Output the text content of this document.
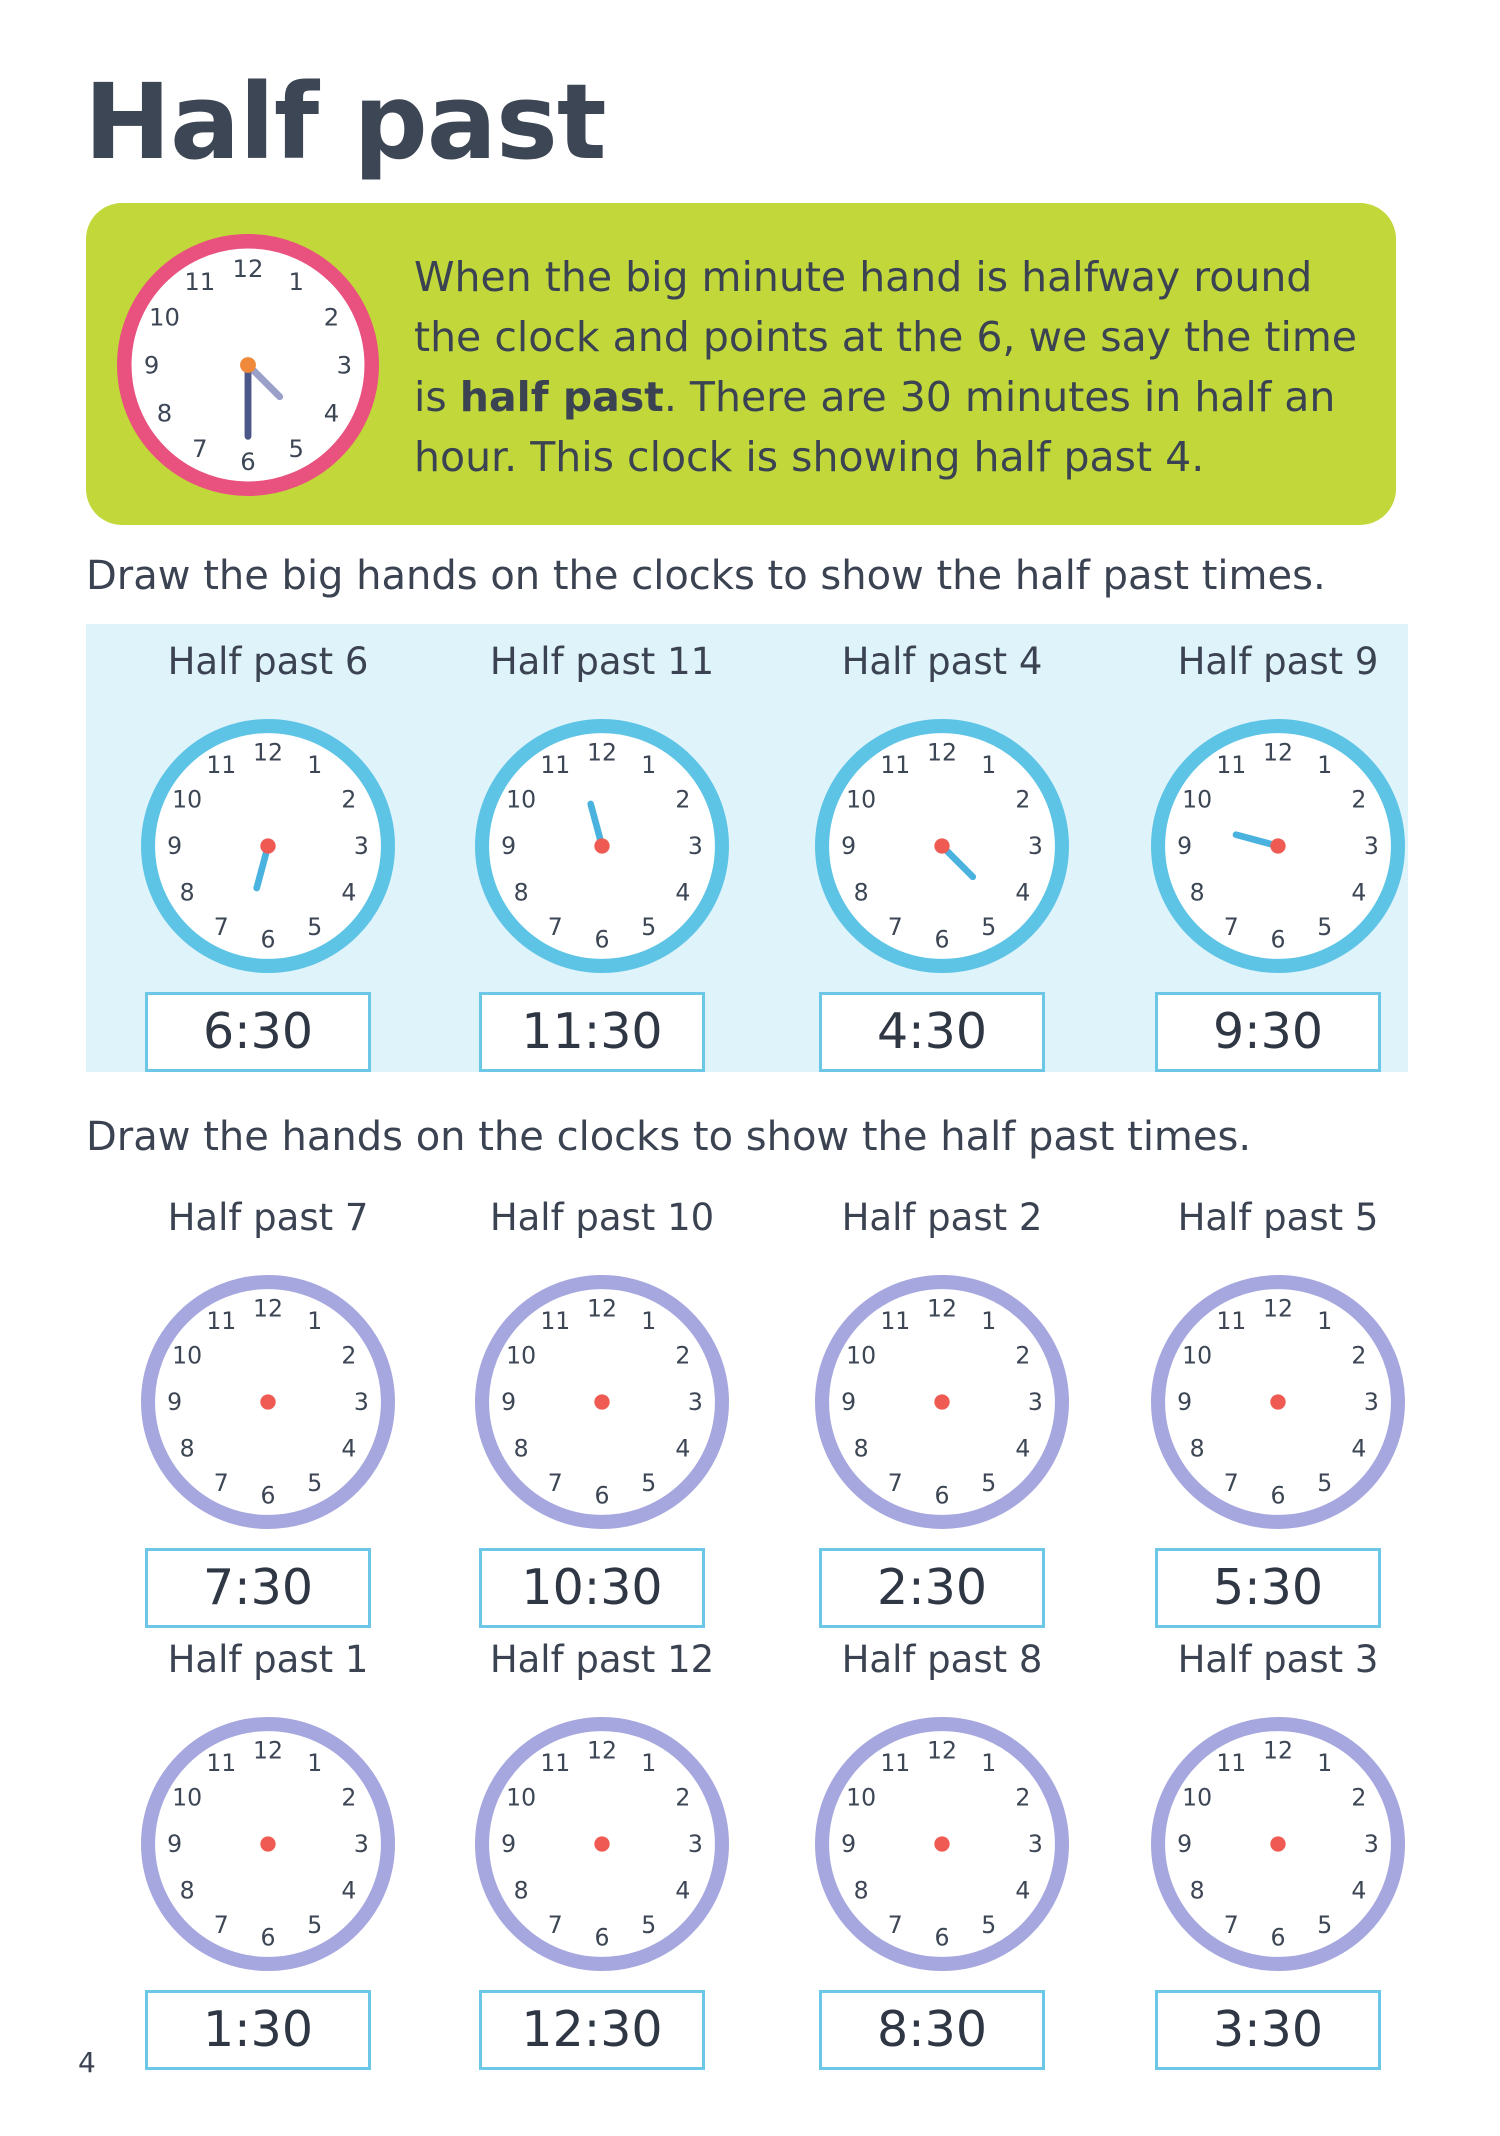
Half past
1
2
3
4
5
6
7
8
9
10
11 12	When the big minute hand is halfway round the clock and points at the 6, we say the time is half past. There are 30 minutes in half an hour. This clock is showing half past 4.
Draw the big hands on the clocks to show the half past times.
Half past 6
1
2
3
4
5
6
7
8
9
10
11 12
6:30
Half past 11
1
2
3
4
5
6
7
8
9
10
11 12
11:30
Half past 4
1
2
3
4
5
6
7
8
9
10
11 12
4:30
Half past 9
1
2
3
4
5
6
7
8
9
10
11 12
9:30
Draw the hands on the clocks to show the half past times.
Half past 7
1
2
3
4
5
6
7
8
9
10
11 12
7:30
Half past 10
1
2
3
4
5
6
7
8
9
10
11 12
10:30
Half past 2
1
2
3
4
5
6
7
8
9
10
11 12
2:30
Half past 5
1
2
3
4
5
6
7
8
9
10
11 12
5:30
Half past 1
1
2
3
4
5
6
7
8
9
10
11 12
1:30
Half past 12
1
2
3
4
5
6
7
8
9
10
11 12
12:30
Half past 8
1
2
3
4
5
6
7
8
9
10
11 12
8:30
Half past 3
1
2
3
4
5
6
7
8
9
10
11 12
3:30
4
